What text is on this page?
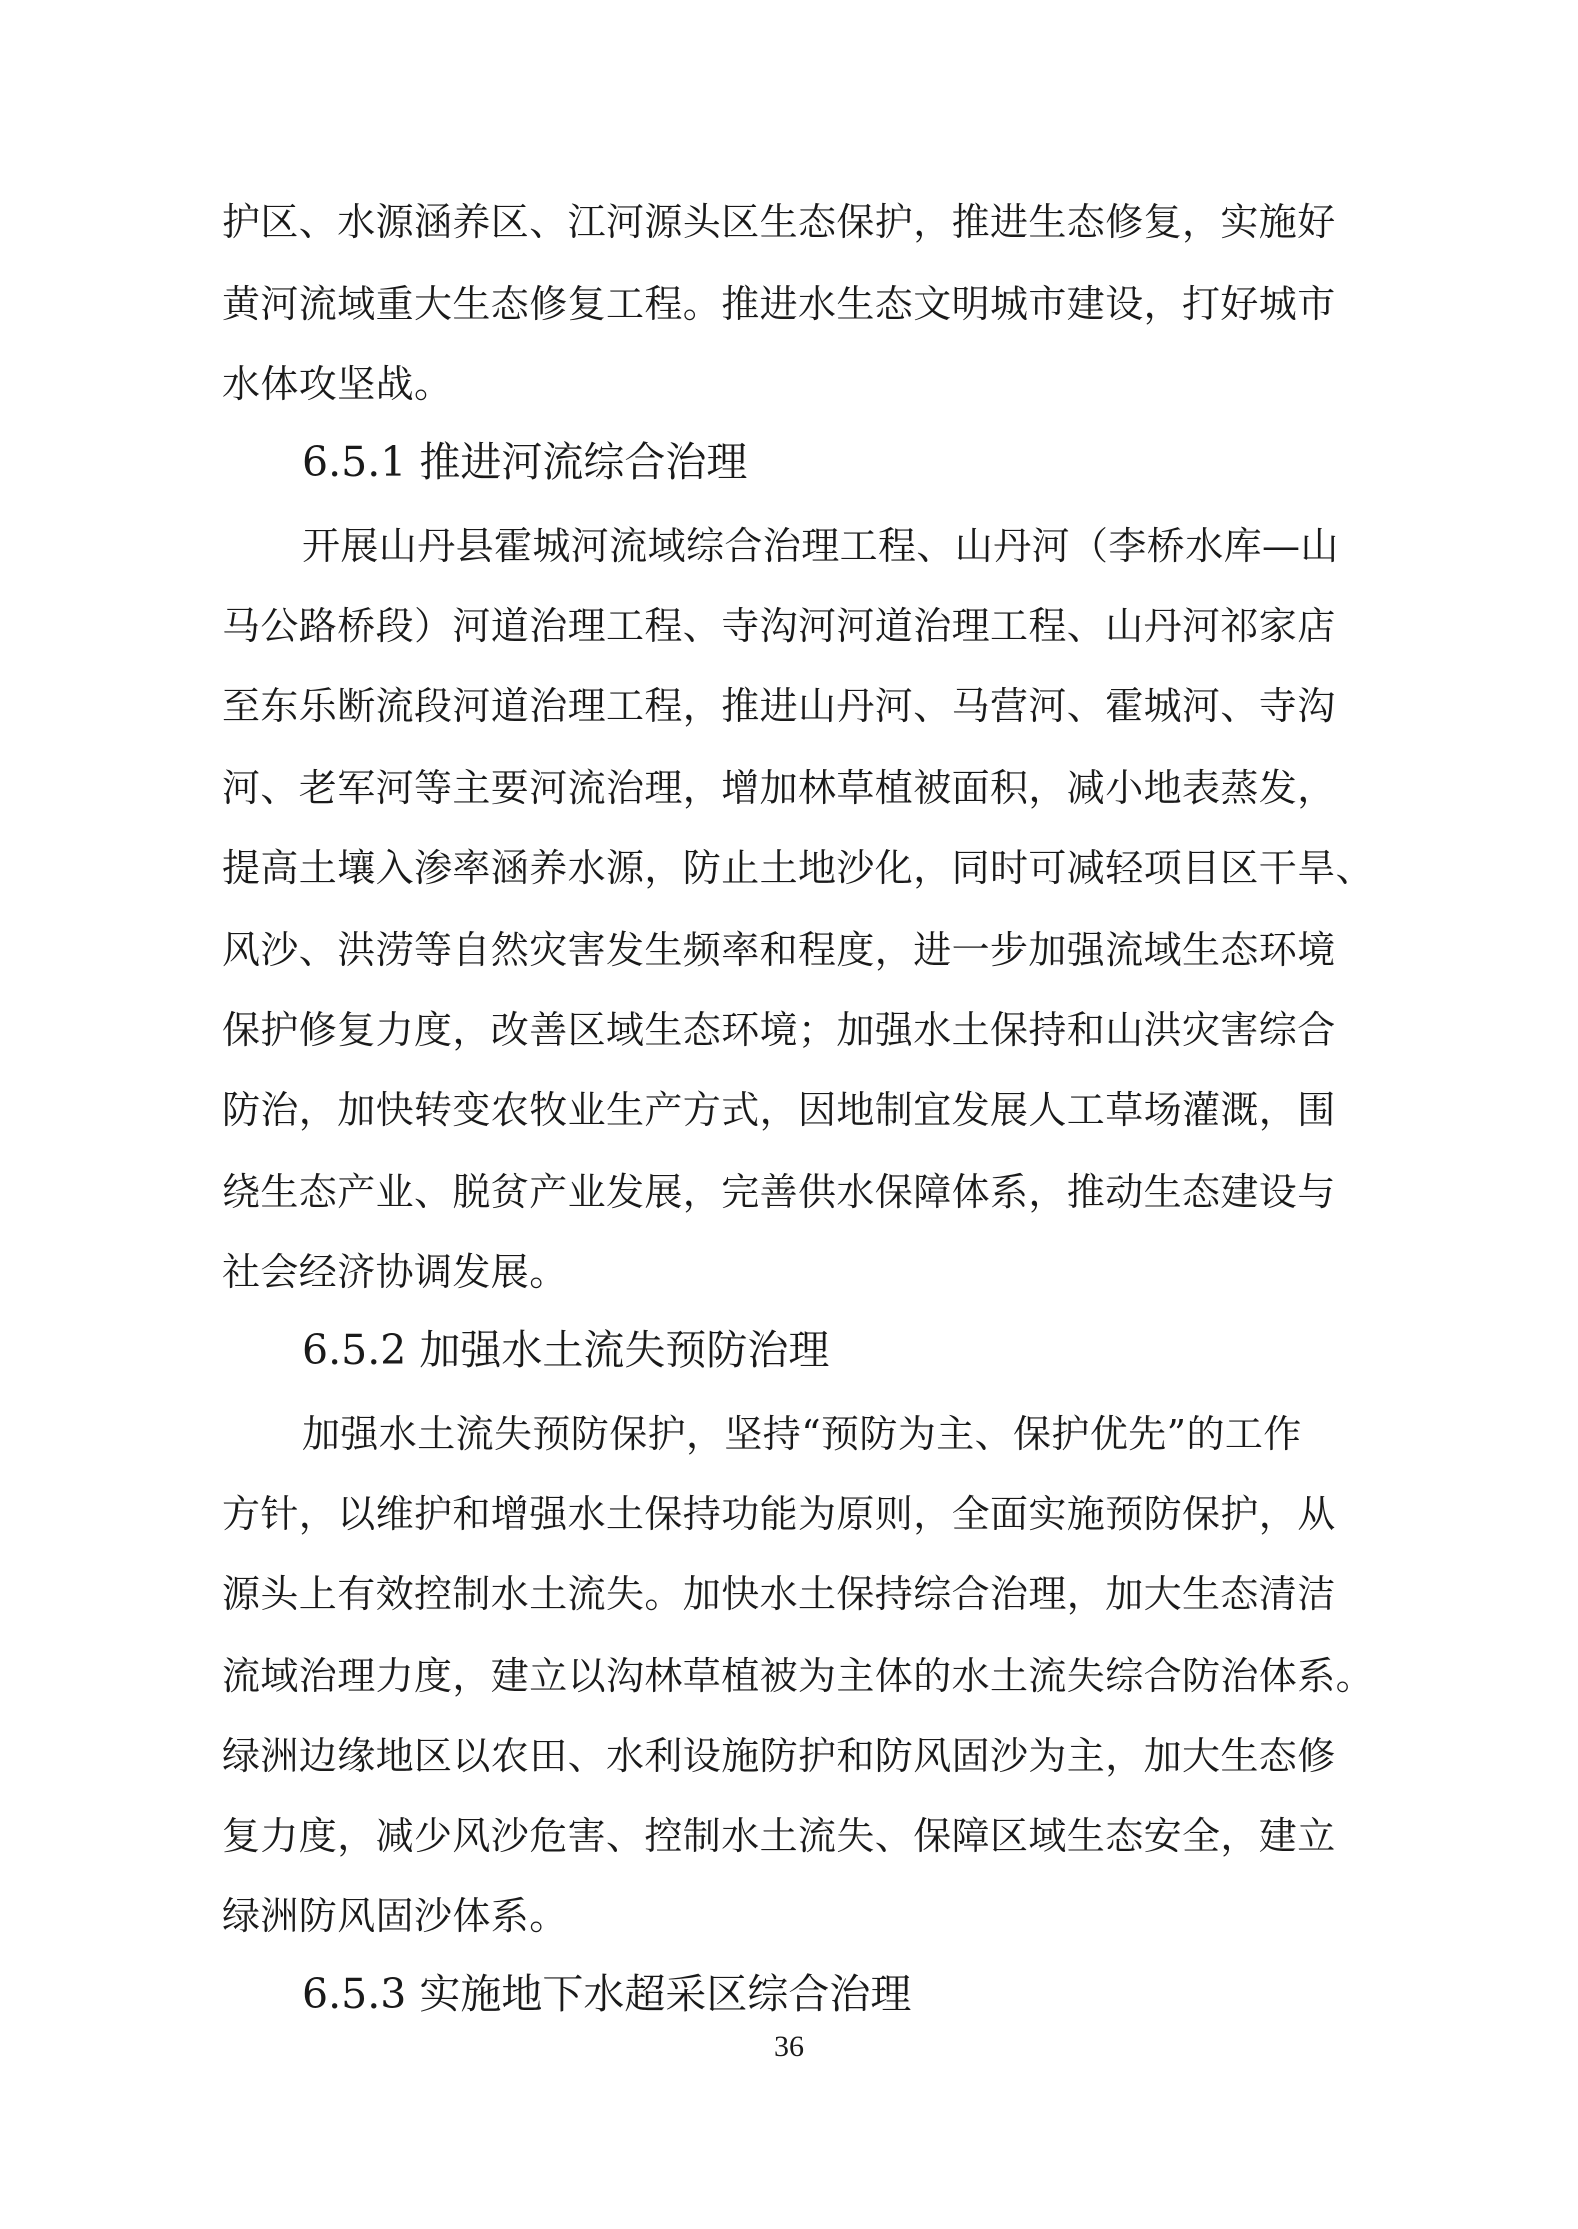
护区、水源涵养区、江河源头区生态保护，推进生态修复，实施好
黄河流域重大生态修复工程。推进水生态文明城市建设，打好城市
水体攻坚战。
6.5.1 推进河流综合治理
开展山丹县霍城河流域综合治理工程、山丹河（李桥水库—山
马公路桥段）河道治理工程、寺沟河河道治理工程、山丹河祁家店
至东乐断流段河道治理工程，推进山丹河、马营河、霍城河、寺沟
河、老军河等主要河流治理，增加林草植被面积，减小地表蒸发，
提高土壤入渗率涵养水源，防止土地沙化，同时可减轻项目区干旱、
风沙、洪涝等自然灾害发生频率和程度，进一步加强流域生态环境
保护修复力度，改善区域生态环境；加强水土保持和山洪灾害综合
防治，加快转变农牧业生产方式，因地制宜发展人工草场灌溉，围
绕生态产业、脱贫产业发展，完善供水保障体系，推动生态建设与
社会经济协调发展。
6.5.2 加强水土流失预防治理
加强水土流失预防保护，坚持“预防为主、保护优先”的工作
方针，以维护和增强水土保持功能为原则，全面实施预防保护，从
源头上有效控制水土流失。加快水土保持综合治理，加大生态清洁
流域治理力度，建立以沟林草植被为主体的水土流失综合防治体系。
绿洲边缘地区以农田、水利设施防护和防风固沙为主，加大生态修
复力度，减少风沙危害、控制水土流失、保障区域生态安全，建立
绿洲防风固沙体系。
6.5.3 实施地下水超采区综合治理
36
